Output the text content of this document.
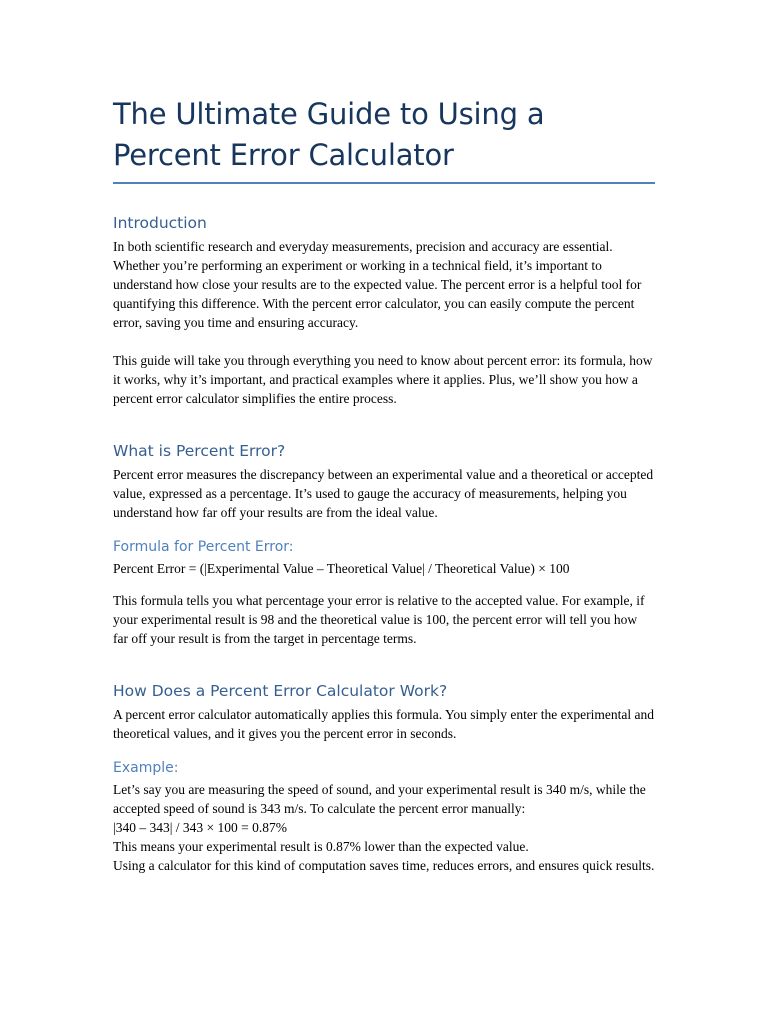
The Ultimate Guide to Using a Percent Error Calculator
Introduction

In both scientific research and everyday measurements, precision and accuracy are essential. Whether you’re performing an experiment or working in a technical field, it’s important to understand how close your results are to the expected value. The percent error is a helpful tool for quantifying this difference. With the percent error calculator, you can easily compute the percent error, saving you time and ensuring accuracy.

This guide will take you through everything you need to know about percent error: its formula, how it works, why it’s important, and practical examples where it applies. Plus, we’ll show you how a percent error calculator simplifies the entire process.

What is Percent Error?

Percent error measures the discrepancy between an experimental value and a theoretical or accepted value, expressed as a percentage. It’s used to gauge the accuracy of measurements, helping you understand how far off your results are from the ideal value.

Formula for Percent Error:

Percent Error = (|Experimental Value – Theoretical Value| / Theoretical Value) × 100

This formula tells you what percentage your error is relative to the accepted value. For example, if your experimental result is 98 and the theoretical value is 100, the percent error will tell you how far off your result is from the target in percentage terms.

How Does a Percent Error Calculator Work?

A percent error calculator automatically applies this formula. You simply enter the experimental and theoretical values, and it gives you the percent error in seconds.

Example:

Let’s say you are measuring the speed of sound, and your experimental result is 340 m/s, while the accepted speed of sound is 343 m/s. To calculate the percent error manually:

|340 – 343| / 343 × 100 = 0.87%

This means your experimental result is 0.87% lower than the expected value.

Using a calculator for this kind of computation saves time, reduces errors, and ensures quick results.
